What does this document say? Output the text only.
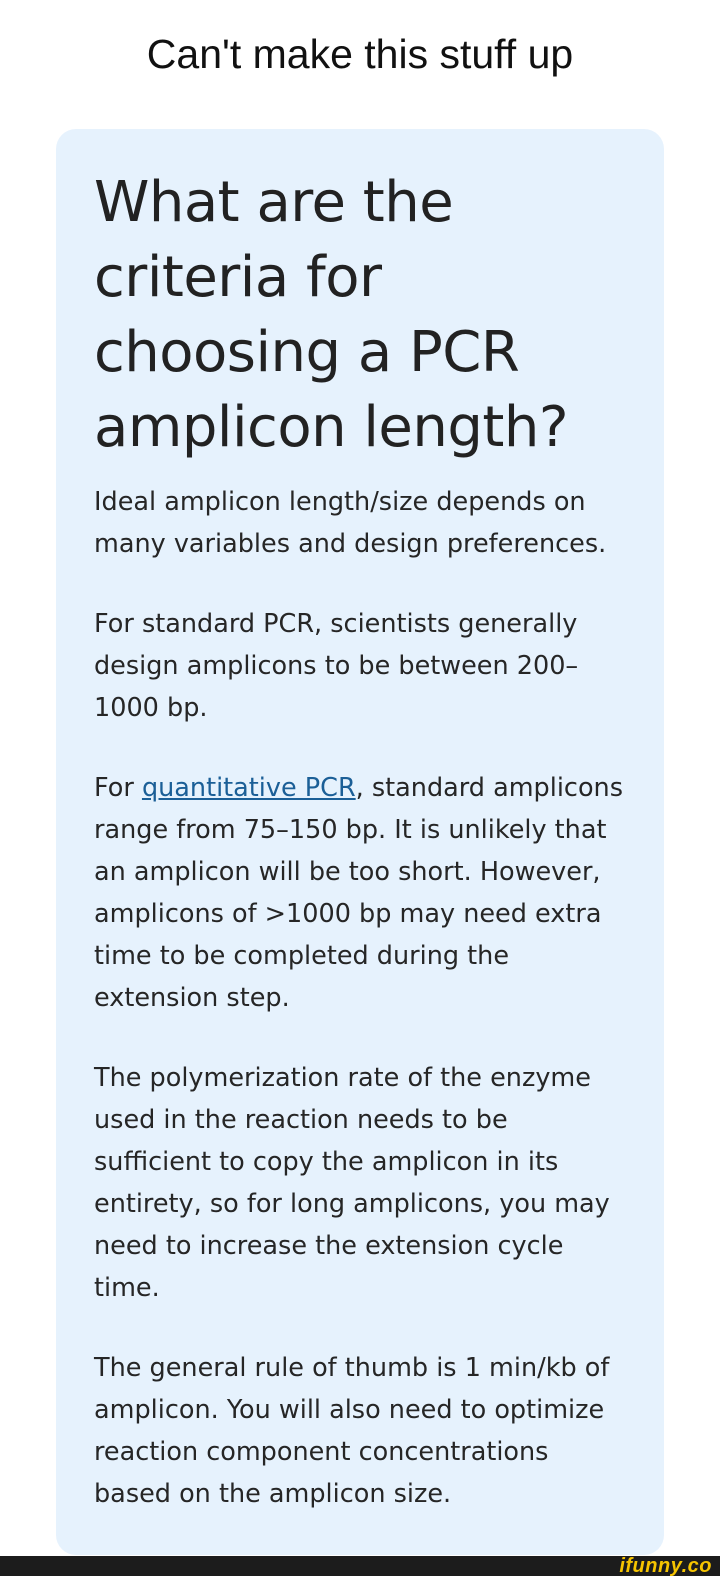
Can't make this stuff up
What are the criteria for choosing a PCR amplicon length?

Ideal amplicon length/size depends on many variables and design preferences.

For standard PCR, scientists generally design amplicons to be between 200–1000 bp.

For quantitative PCR, standard amplicons range from 75–150 bp. It is unlikely that an amplicon will be too short. However, amplicons of >1000 bp may need extra time to be completed during the extension step.

The polymerization rate of the enzyme used in the reaction needs to be sufficient to copy the amplicon in its entirety, so for long amplicons, you may need to increase the extension cycle time.

The general rule of thumb is 1 min/kb of amplicon. You will also need to optimize reaction component concentrations based on the amplicon size.

ifunny.co
